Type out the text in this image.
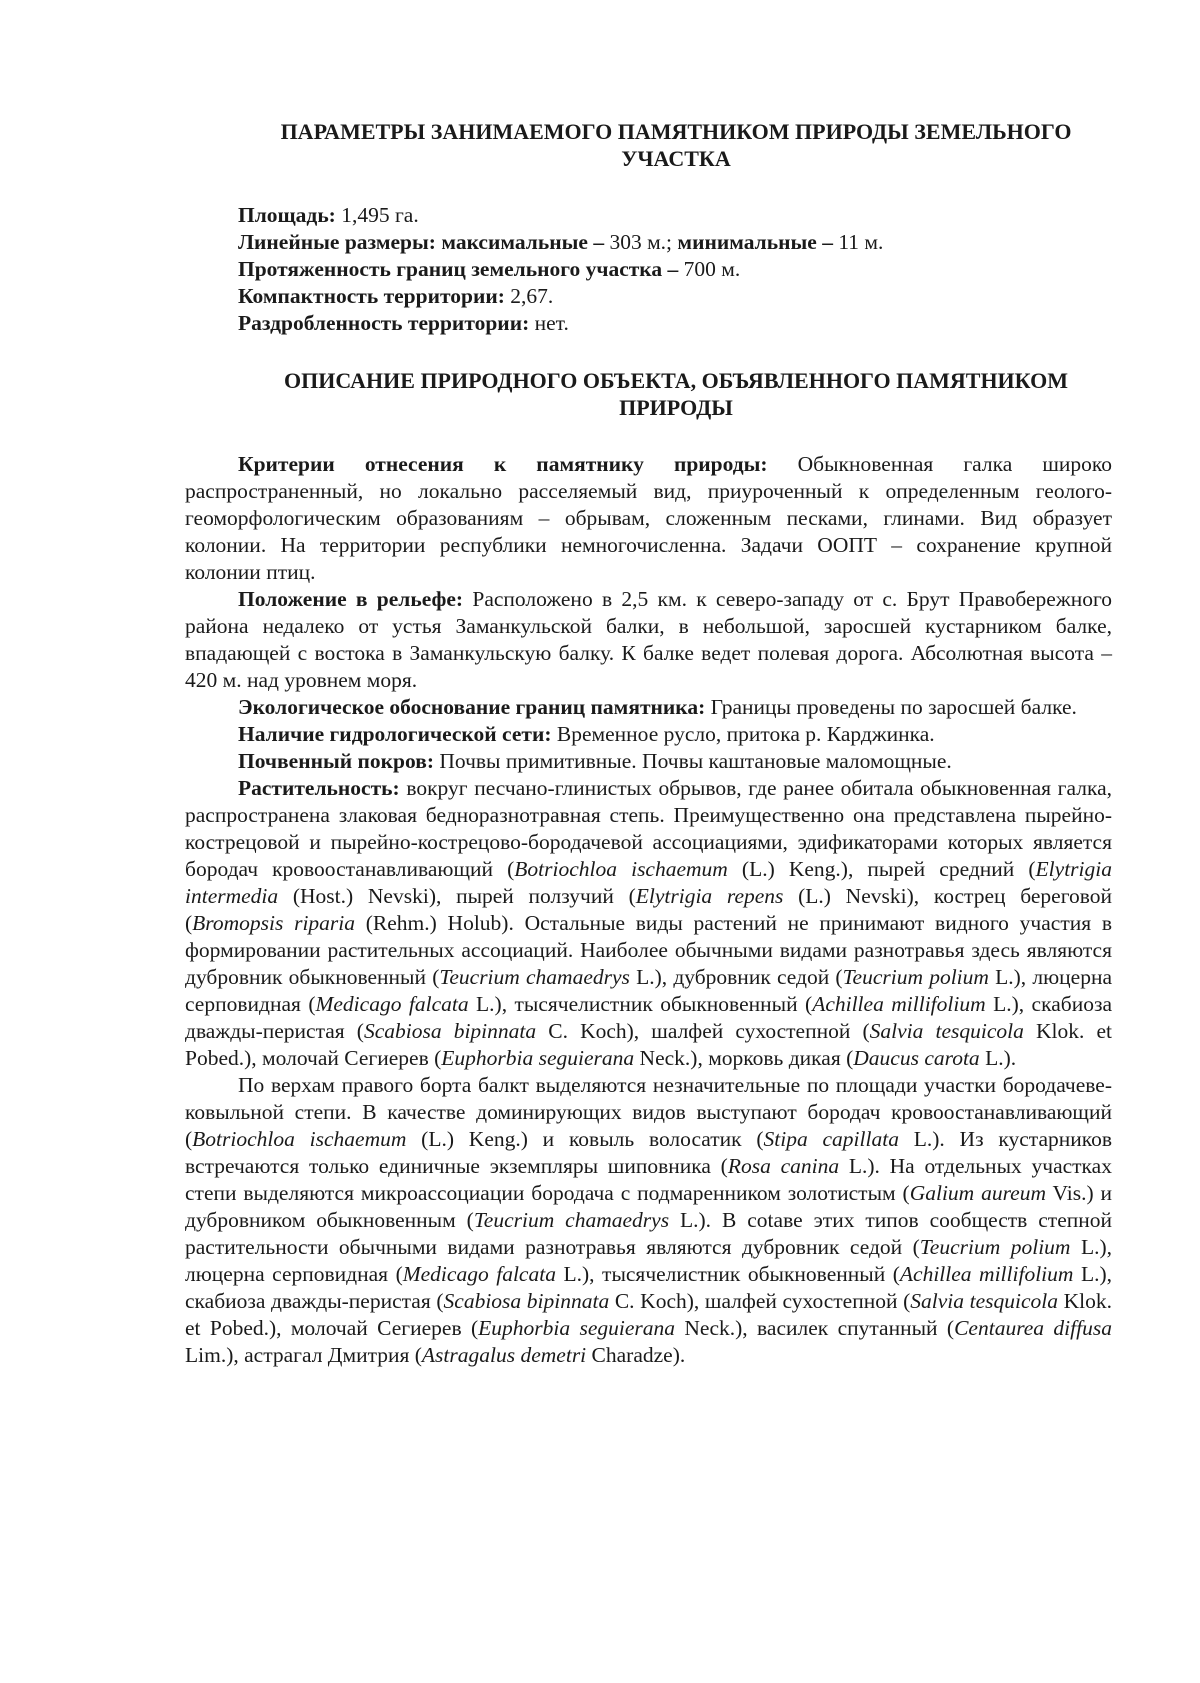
ПАРАМЕТРЫ ЗАНИМАЕМОГО ПАМЯТНИКОМ ПРИРОДЫ ЗЕМЕЛЬНОГО УЧАСТКА

Площадь: 1,495 га.

Линейные размеры: максимальные – 303 м.; минимальные – 11 м.

Протяженность границ земельного участка – 700 м.

Компактность территории: 2,67.

Раздробленность территории: нет.

ОПИСАНИЕ ПРИРОДНОГО ОБЪЕКТА, ОБЪЯВЛЕННОГО ПАМЯТНИКОМ ПРИРОДЫ

Критерии отнесения к памятнику природы: Обыкновенная галка широко распространенный, но локально расселяемый вид, приуроченный к определенным геолого-геоморфологическим образованиям – обрывам, сложенным песками, глинами. Вид образует колонии. На территории республики немногочисленна. Задачи ООПТ – сохранение крупной колонии птиц.

Положение в рельефе: Расположено в 2,5 км. к северо-западу от с. Брут Правобережного района недалеко от устья Заманкульской балки, в небольшой, заросшей кустарником балке, впадающей с востока в Заманкульскую балку. К балке ведет полевая дорога. Абсолютная высота – 420 м. над уровнем моря.

Экологическое обоснование границ памятника: Границы проведены по заросшей балке.

Наличие гидрологической сети: Временное русло, притока р. Карджинка.

Почвенный покров: Почвы примитивные. Почвы каштановые маломощные.

Растительность: вокруг песчано-глинистых обрывов, где ранее обитала обыкновенная галка, распространена злаковая бедноразнотравная степь. Преимущественно она представлена пырейно-кострецовой и пырейно-кострецово-бородачевой ассоциациями, эдификаторами которых является бородач кровоостанавливающий (Botriochloa ischaemum (L.) Keng.), пырей средний (Elytrigia intermedia (Host.) Nevski), пырей ползучий (Elytrigia repens (L.) Nevski), кострец береговой (Bromopsis riparia (Rehm.) Holub). Остальные виды растений не принимают видного участия в формировании растительных ассоциаций. Наиболее обычными видами разнотравья здесь являются дубровник обыкновенный (Teucrium chamaedrys L.), дубровник седой (Teucrium polium L.), люцерна серповидная (Medicago falcata L.), тысячелистник обыкновенный (Achillea millifolium L.), скабиоза дважды-перистая (Scabiosa bipinnata C. Koch), шалфей сухостепной (Salvia tesquicola Klok. et Pobed.), молочай Сегиерев (Euphorbia seguierana Neck.), морковь дикая (Daucus carota L.).

По верхам правого борта балкт выделяются незначительные по площади участки бородачеве-ковыльной степи. В качестве доминирующих видов выступают бородач кровоостанавливающий (Botriochloa ischaemum (L.) Keng.) и ковыль волосатик (Stipa capillata L.). Из кустарников встречаются только единичные экземпляры шиповника (Rosa canina L.). На отдельных участках степи выделяются микроассоциации бородача с подмаренником золотистым (Galium aureum Vis.) и дубровником обыкновенным (Teucrium chamaedrys L.). В соtаве этих типов сообществ степной растительности обычными видами разнотравья являются дубровник седой (Teucrium polium L.), люцерна серповидная (Medicago falcata L.), тысячелистник обыкновенный (Achillea millifolium L.), скабиоза дважды-перистая (Scabiosa bipinnata C. Koch), шалфей сухостепной (Salvia tesquicola Klok. et Pobed.), молочай Сегиерев (Euphorbia seguierana Neck.), василек спутанный (Centaurea diffusa Lim.), астрагал Дмитрия (Astragalus demetri Charadze).
